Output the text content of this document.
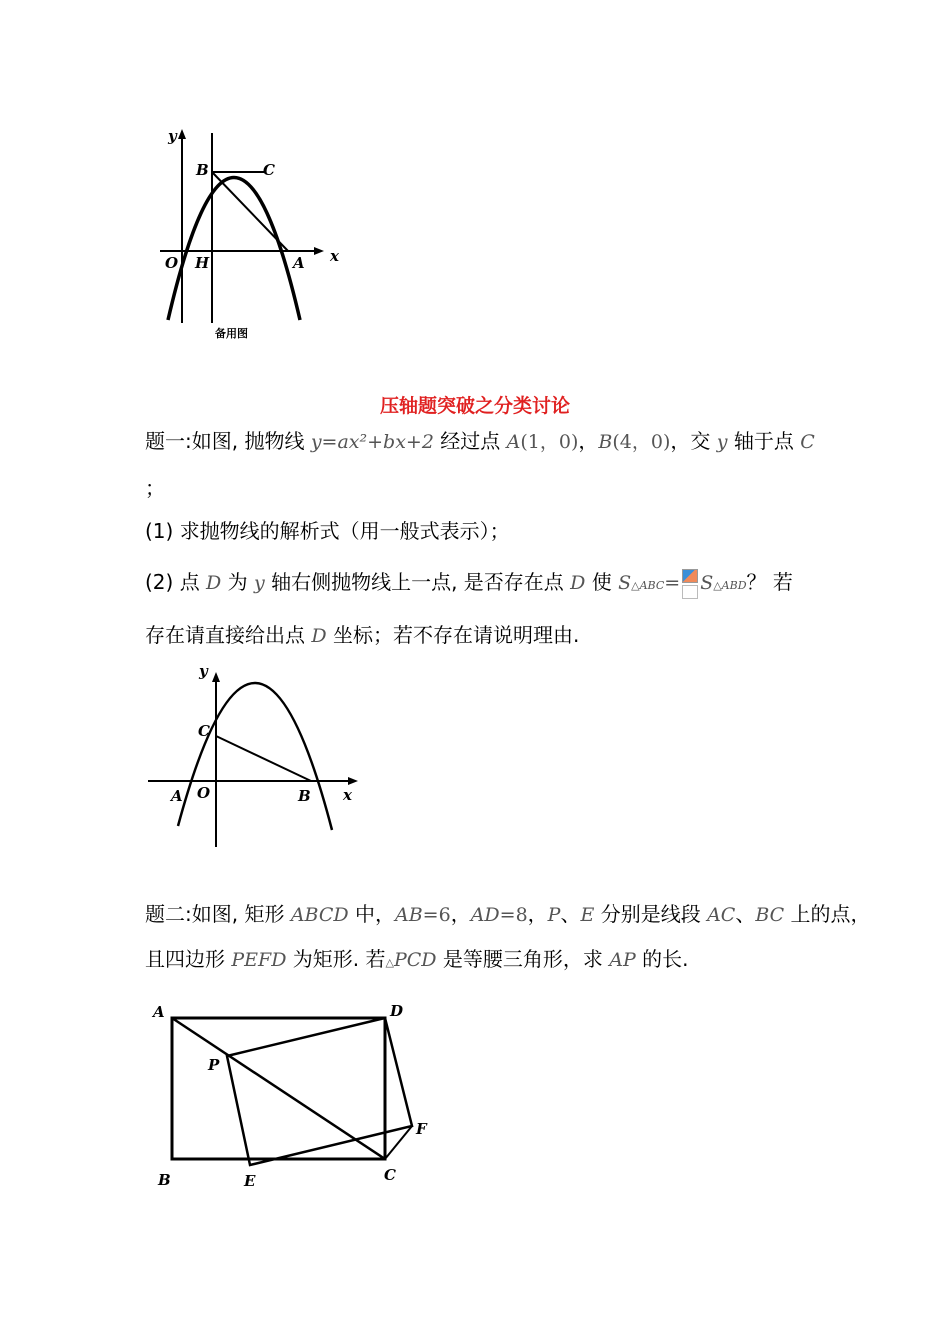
y
B	C
O H	A x
备用图
压轴题突破之分类讨论
题一:如图, 抛物线 y=ax²+bx+2 经过点 A(1，0)，B(4，0)，交 y 轴于点 C
；
(1) 求抛物线的解析式（用一般式表示）；
(2) 点 D 为 y 轴右侧抛物线上一点, 是否存在点 D 使 S△ABC= S△ABD？ 若
存在请直接给出点 D 坐标；若不存在请说明理由.
y
C
A O	B x
题二:如图, 矩形 ABCD 中，AB=6，AD=8，P、E 分别是线段 AC、BC 上的点，
且四边形 PEFD 为矩形. 若△PCD 是等腰三角形，求 AP 的长.
A	D
P
F
B	E	C
